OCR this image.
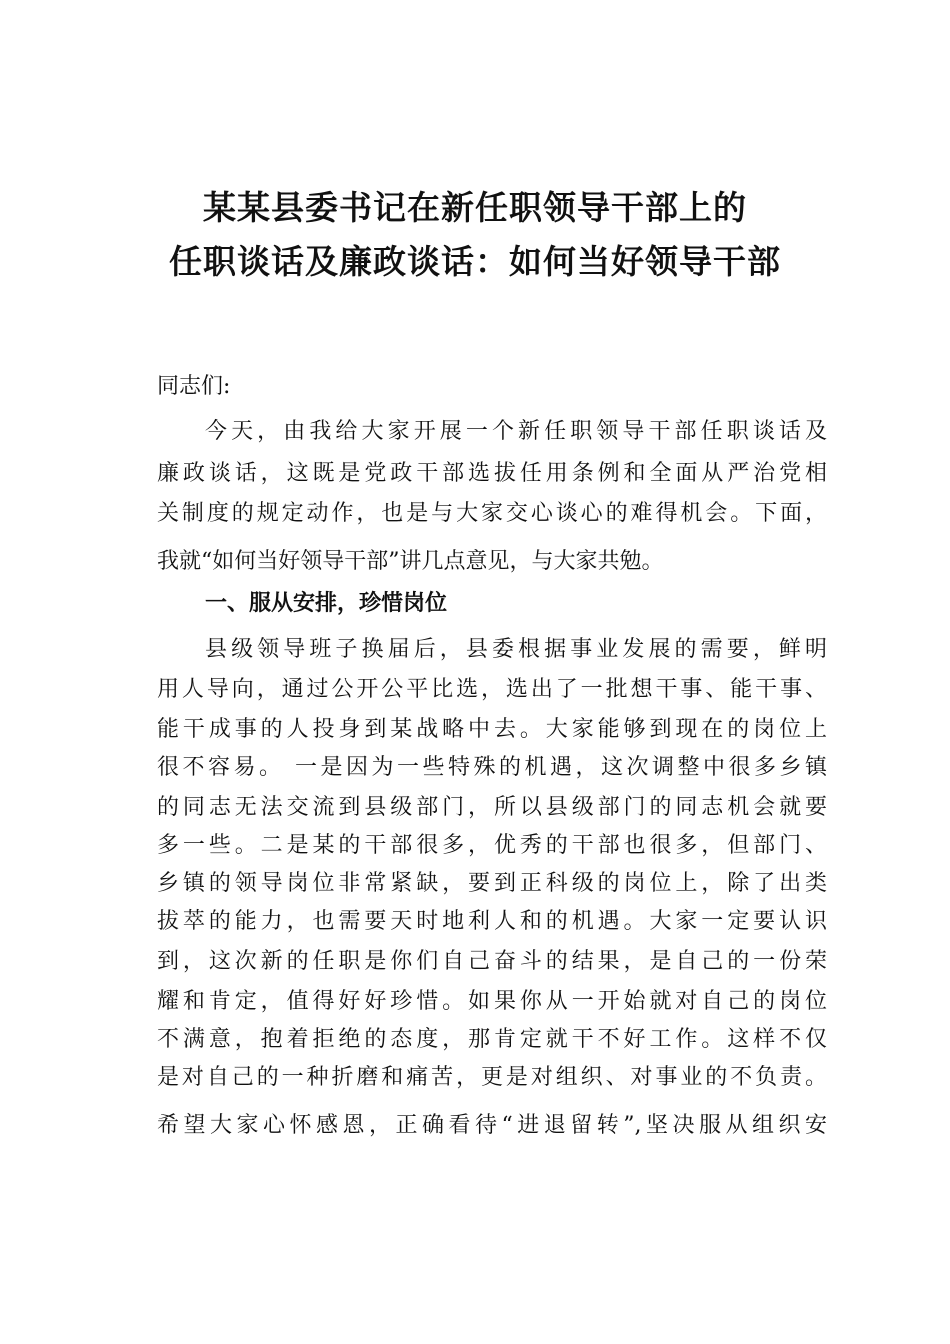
某某县委书记在新任职领导干部上的
任职谈话及廉政谈话：如何当好领导干部

同志们:

今天，由我给大家开展一个新任职领导干部任职谈话及

廉政谈话，这既是党政干部选拔任用条例和全面从严治党相

关制度的规定动作，也是与大家交心谈心的难得机会。下面，

我就“如何当好领导干部”讲几点意见，与大家共勉。

一、服从安排，珍惜岗位

县级领导班子换届后，县委根据事业发展的需要，鲜明

用人导向，通过公开公平比选，选出了一批想干事、能干事、

能干成事的人投身到某战略中去。大家能够到现在的岗位上

很不容易。 一是因为一些特殊的机遇，这次调整中很多乡镇

的同志无法交流到县级部门，所以县级部门的同志机会就要

多一些。二是某的干部很多，优秀的干部也很多，但部门、

乡镇的领导岗位非常紧缺，要到正科级的岗位上，除了出类

拔萃的能力，也需要天时地利人和的机遇。大家一定要认识

到，这次新的任职是你们自己奋斗的结果，是自己的一份荣

耀和肯定，值得好好珍惜。如果你从一开始就对自己的岗位

不满意，抱着拒绝的态度，那肯定就干不好工作。这样不仅

是对自己的一种折磨和痛苦，更是对组织、对事业的不负责。

希望大家心怀感恩，正确看待“进退留转”,坚决服从组织安
